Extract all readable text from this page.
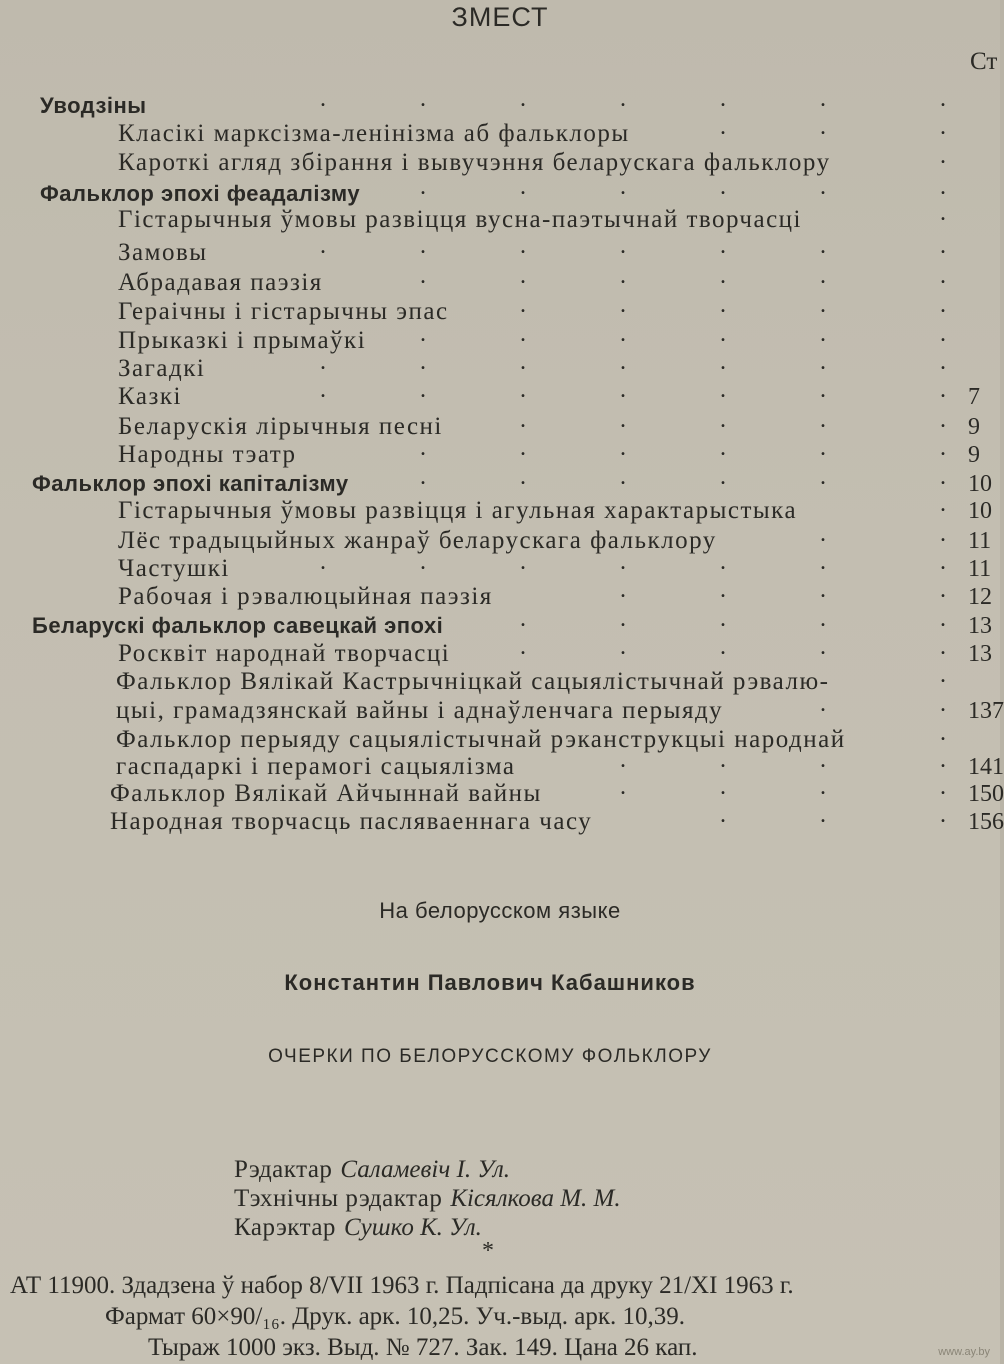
ЗМЕСТ
Ст
Уводзіны	.	.	.	.	.	.	.
Класікі марксізма-ленінізма аб фальклоры	.	.	.
Кароткі агляд збірання і вывучэння беларускага фальклору	.
Фальклор эпохі феадалізму .	.	.	.	.	.
Гістарычныя ўмовы развіцця вусна-паэтычнай творчасці	.
Замовы	.	.	.	.	.	.	.
Абрадавая паэзія	.	.	.	.	.	.
Гераічны і гістарычны эпас	.	.	.	.	.
Прыказкі і прымаўкі .	.	.	.	.	.
Загадкі	.	.	.	.	.	.	.
Казкі	.	.	.	.	.	.	. 7
Беларускія лірычныя песні	.	.	.	.	. 9
Народны тэатр	.	.	.	.	.	. 9
Фальклор эпохі капіталізму	.	.	.	.	.	. 10
Гістарычныя ўмовы развіцця і агульная характарыстыка	. 10
Лёс традыцыйных жанраў беларускага фальклору	.	. 11
Частушкі	.	.	.	.	.	.	. 11
Рабочая і рэвалюцыйная паэзія	.	.	.	. 12
Беларускі фальклор савецкай эпохі	.	.	.	.	. 13
Росквіт народнай творчасці	.	.	.	.	. 13
Фальклор Вялікай Кастрычніцкай сацыялістычнай рэвалю-	.
цыі, грамадзянскай вайны і аднаўленчага перыяду	.	. 137
Фальклор перыяду сацыялістычнай рэканструкцыі народнай	.
гаспадаркі і перамогі сацыялізма	.	.	.	. 141
Фальклор Вялікай Айчыннай вайны	.	.	.	. 150
Народная творчасць пасляваеннага часу	.	.	. 156
На белорусском языке
Константин Павлович Кабашников
ОЧЕРКИ ПО БЕЛОРУССКОМУ ФОЛЬКЛОРУ
Рэдактар Саламевіч І. Ул.
Тэхнічны рэдактар Кісялкова М. М.
Карэктар Сушко К. Ул.
*
АТ 11900. Здадзена ў набор 8/VII 1963 г. Падпісана да друку 21/XI 1963 г.
Фармат 60×90/₁₆. Друк. арк. 10,25. Уч.-выд. арк. 10,39.
Тыраж 1000 экз. Выд. № 727. Зак. 149. Цана 26 кап.	www.ay.by
